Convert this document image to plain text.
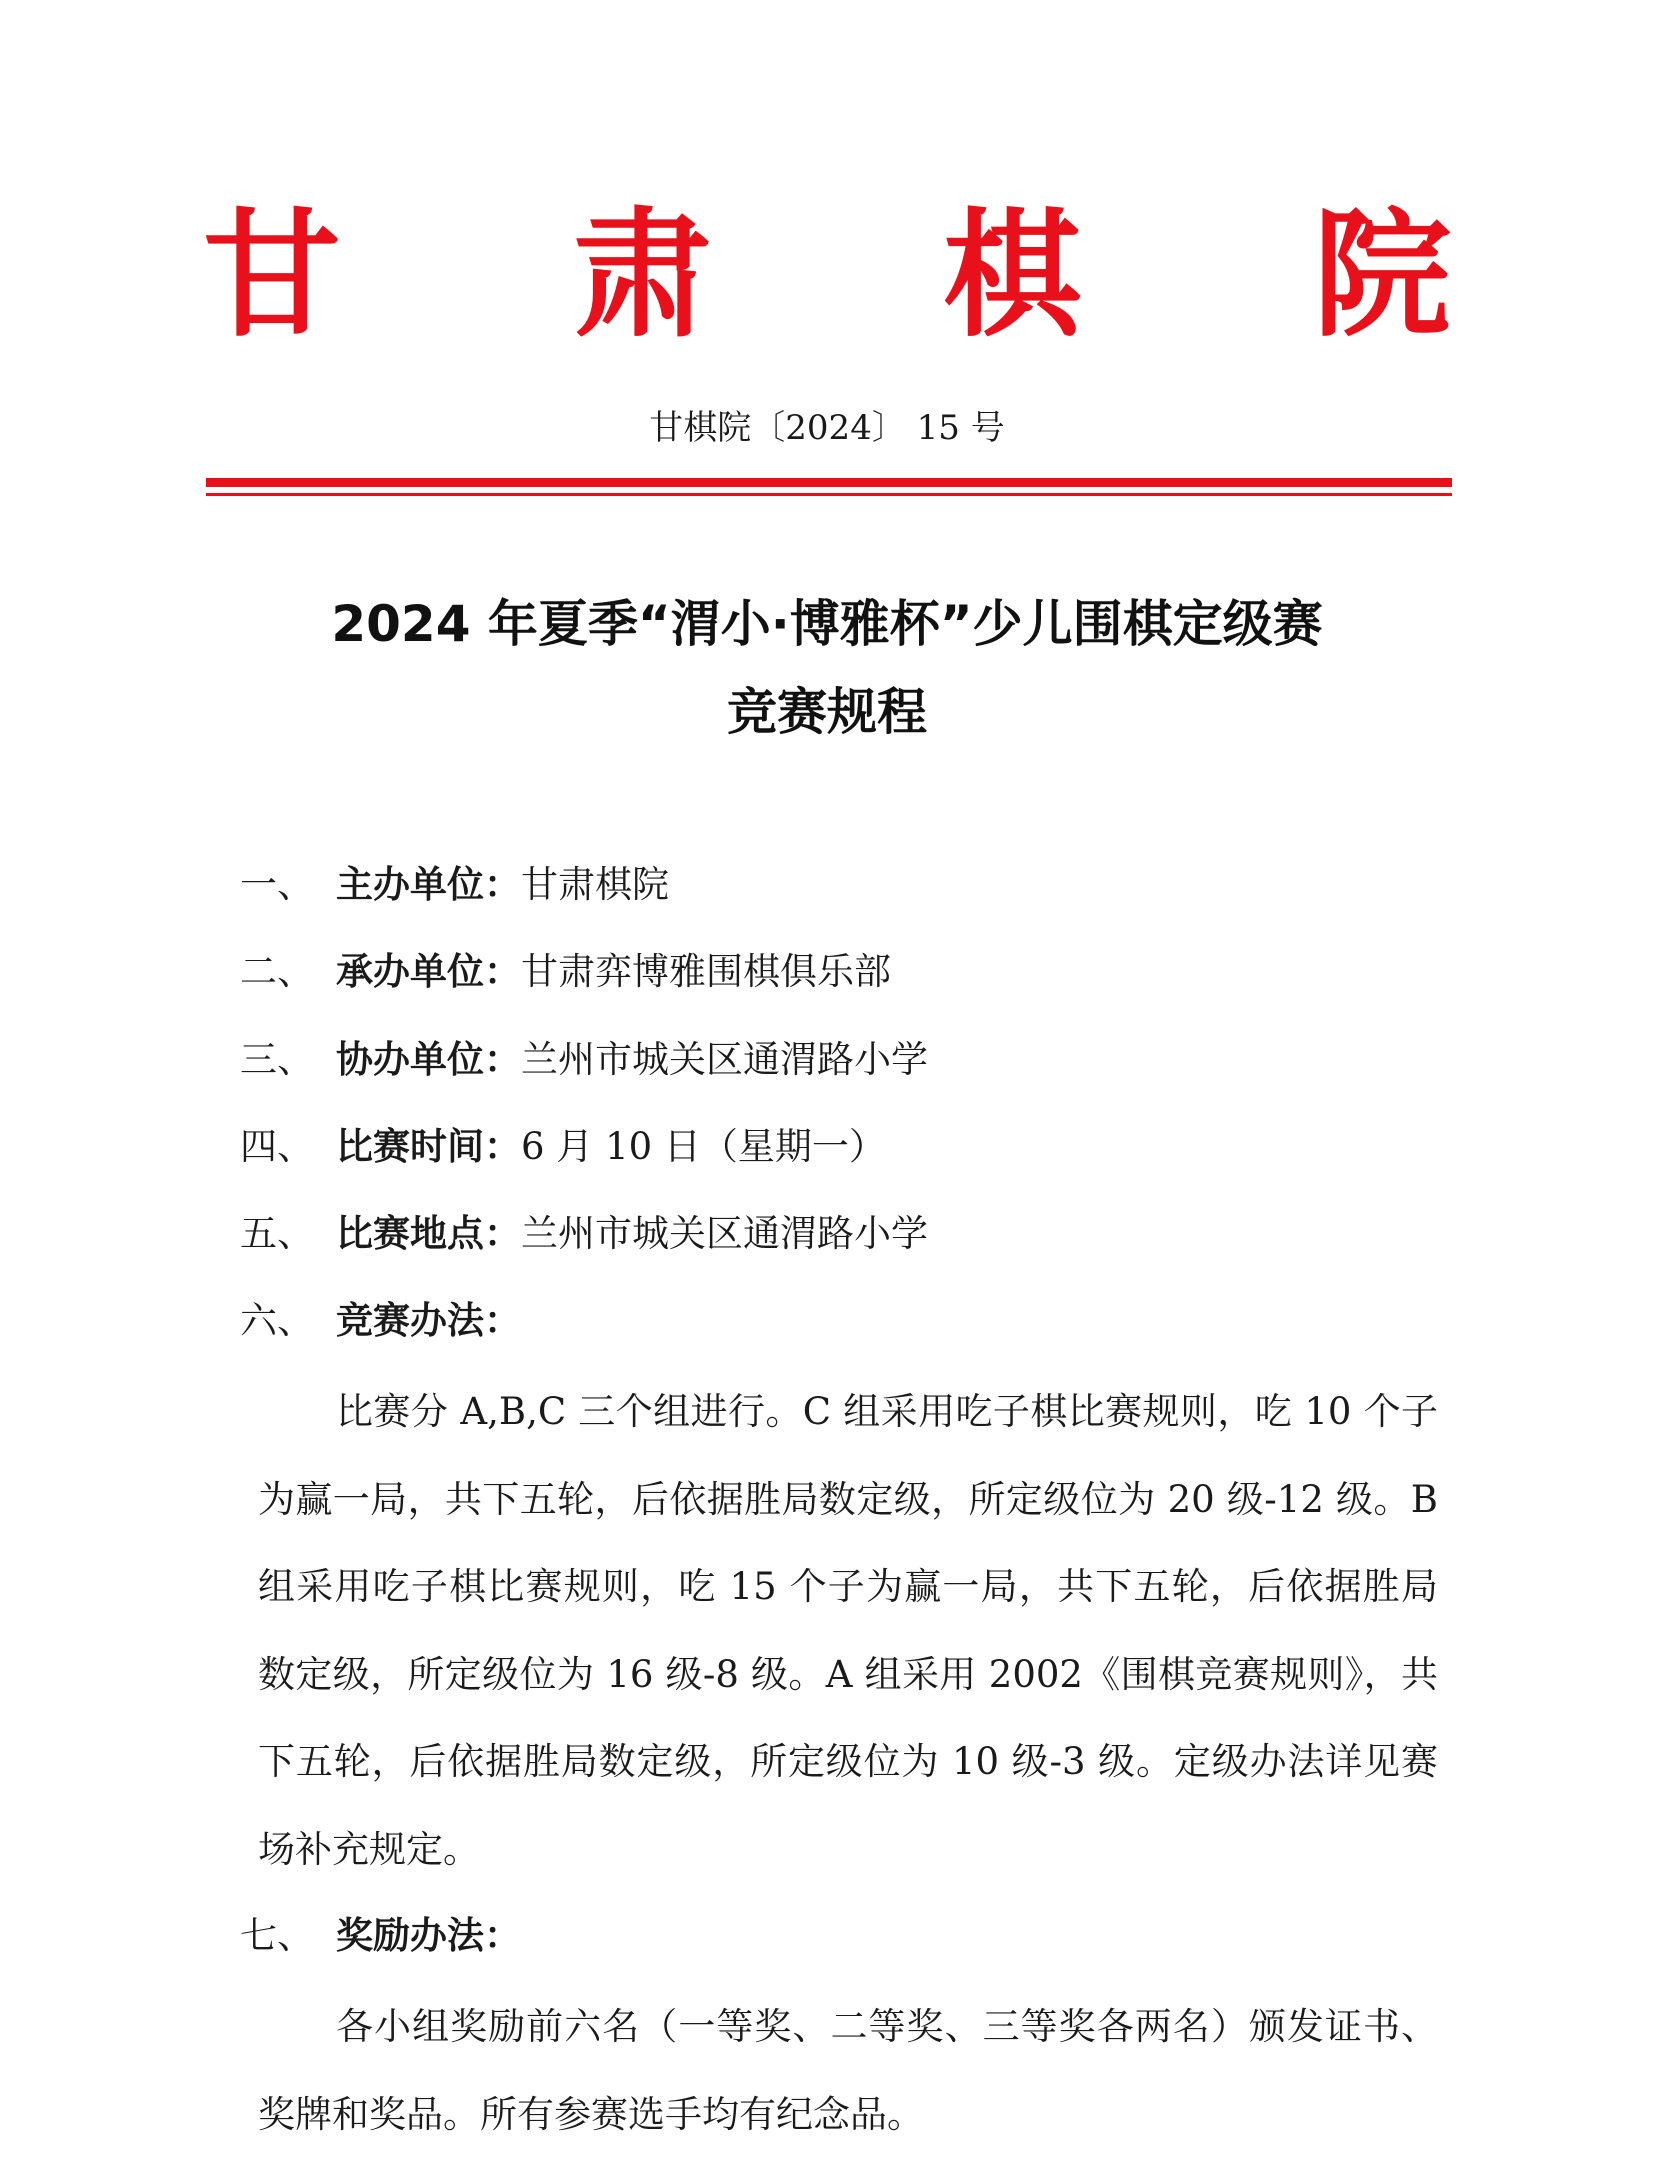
甘 肃 棋 院
甘棋院〔2024〕 15 号
2024 年夏季“渭小·博雅杯”少儿围棋定级赛
竞赛规程
一、 主办单位：甘肃棋院
二、 承办单位：甘肃弈博雅围棋俱乐部
三、 协办单位：兰州市城关区通渭路小学
四、 比赛时间：6 月 10 日（星期一）
五、 比赛地点：兰州市城关区通渭路小学
六、 竞赛办法：
比赛分 A,B,C 三个组进行。C 组采用吃子棋比赛规则，吃 10 个子为赢一局，共下五轮，后依据胜局数定级，所定级位为 20 级-12 级。B 组采用吃子棋比赛规则，吃 15 个子为赢一局，共下五轮，后依据胜局数定级，所定级位为 16 级-8 级。A 组采用 2002《围棋竞赛规则》，共下五轮，后依据胜局数定级，所定级位为 10 级-3 级。定级办法详见赛场补充规定。
七、 奖励办法：
各小组奖励前六名（一等奖、二等奖、三等奖各两名）颁发证书、奖牌和奖品。所有参赛选手均有纪念品。
